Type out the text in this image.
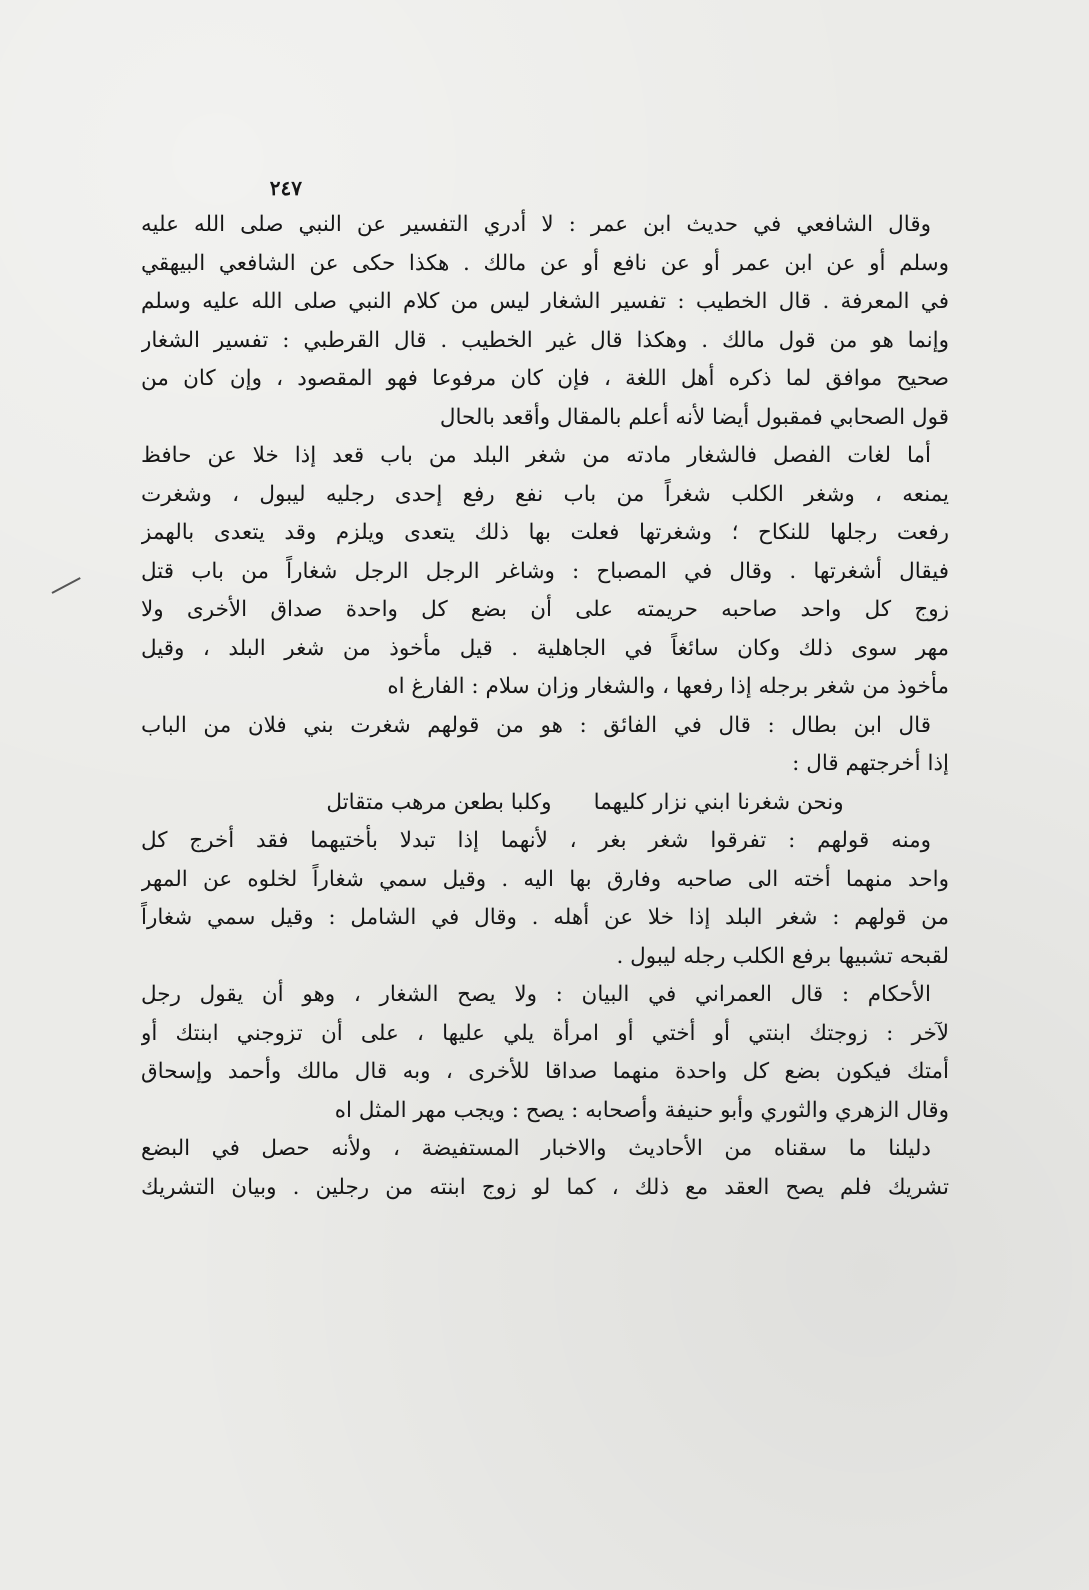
٢٤٧
وقال الشافعي في حديث ابن عمر : لا أدري التفسير عن النبي صلى الله عليه
وسلم أو عن ابن عمر أو عن نافع أو عن مالك . هكذا حكى عن الشافعي البيهقي
في المعرفة . قال الخطيب : تفسير الشغار ليس من كلام النبي صلى الله عليه وسلم
وإنما هو من قول مالك . وهكذا قال غير الخطيب . قال القرطبي : تفسير الشغار
صحيح موافق لما ذكره أهل اللغة ، فإن كان مرفوعا فهو المقصود ، وإن كان من
قول الصحابي فمقبول أيضا لأنه أعلم بالمقال وأقعد بالحال
أما لغات الفصل فالشغار مادته من شغر البلد من باب قعد إذا خلا عن حافظ
يمنعه ، وشغر الكلب شغراً من باب نفع رفع إحدى رجليه ليبول ، وشغرت
رفعت رجلها للنكاح ؛ وشغرتها فعلت بها ذلك يتعدى ويلزم وقد يتعدى بالهمز
فيقال أشغرتها . وقال في المصباح : وشاغر الرجل الرجل شغاراً من باب قتل
زوج كل واحد صاحبه حريمته على أن بضع كل واحدة صداق الأخرى ولا
مهر سوى ذلك وكان سائغاً في الجاهلية . قيل مأخوذ من شغر البلد ، وقيل
مأخوذ من شغر برجله إذا رفعها ، والشغار وزان سلام : الفارغ اه
قال ابن بطال : قال في الفائق : هو من قولهم شغرت بني فلان من الباب
إذا أخرجتهم قال :
ونحن شغرنا ابني نزار كليهما
وكلبا بطعن مرهب متقاتل
ومنه قولهم : تفرقوا شغر بغر ، لأنهما إذا تبدلا بأختيهما فقد أخرج كل
واحد منهما أخته الى صاحبه وفارق بها اليه . وقيل سمي شغاراً لخلوه عن المهر
من قولهم : شغر البلد إذا خلا عن أهله . وقال في الشامل : وقيل سمي شغاراً
لقبحه تشبيها برفع الكلب رجله ليبول .
الأحكام : قال العمراني في البيان : ولا يصح الشغار ، وهو أن يقول رجل
لآخر : زوجتك ابنتي أو أختي أو امرأة يلي عليها ، على أن تزوجني ابنتك أو
أمتك فيكون بضع كل واحدة منهما صداقا للأخرى ، وبه قال مالك وأحمد وإسحاق
وقال الزهري والثوري وأبو حنيفة وأصحابه : يصح : ويجب مهر المثل اه
دليلنا ما سقناه من الأحاديث والاخبار المستفيضة ، ولأنه حصل في البضع
تشريك فلم يصح العقد مع ذلك ، كما لو زوج ابنته من رجلين . وبيان التشريك
